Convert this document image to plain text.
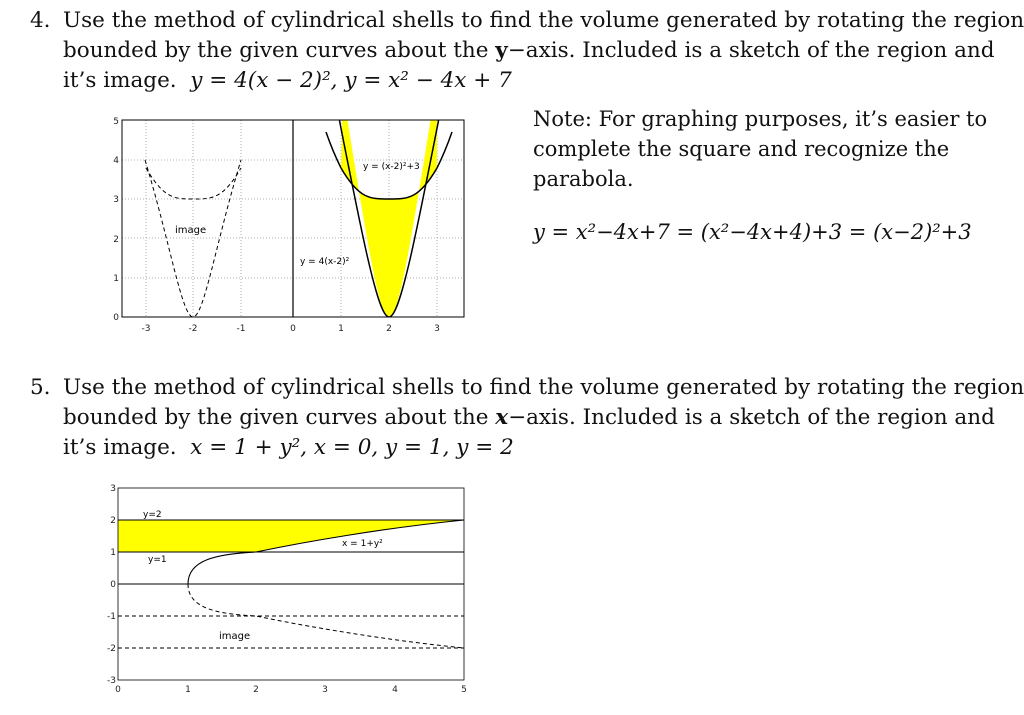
4. Use the method of cylindrical shells to find the volume generated by rotating the region
bounded by the given curves about the y−axis. Included is a sketch of the region and
it’s image. y = 4(x − 2)², y = x² − 4x + 7
5
4
3
2
1
0
-3	-2	-1	0	1	2	3
image
y = (x-2)²+3
y = 4(x-2)²
Note: For graphing purposes, it’s easier to complete the square and recognize the parabola.
y = x²−4x+7 = (x²−4x+4)+3 = (x−2)²+3
5. Use the method of cylindrical shells to find the volume generated by rotating the region
bounded by the given curves about the x−axis. Included is a sketch of the region and
it’s image. x = 1 + y², x = 0, y = 1, y = 2
3
2
1
0
-1
-2
-3
0	1	2	3	4	5
y=2
y=1
x = 1+y²
image
